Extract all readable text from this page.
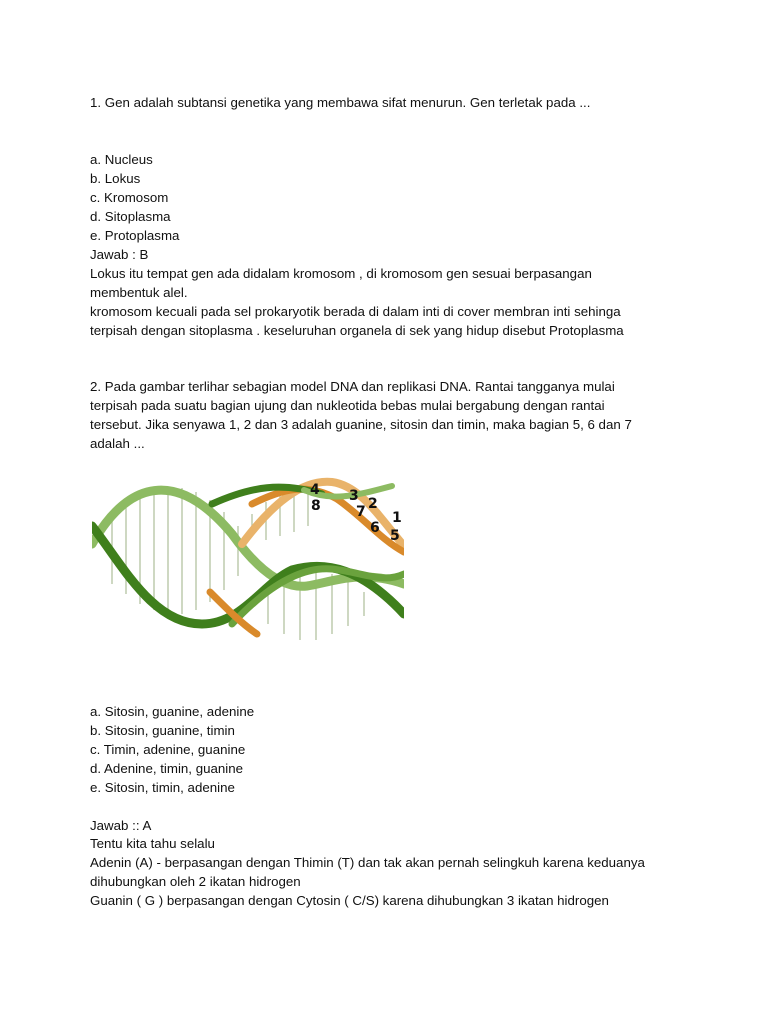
1. Gen adalah subtansi genetika yang membawa sifat menurun. Gen terletak pada ...
a. Nucleus
b. Lokus
c. Kromosom
d. Sitoplasma
e. Protoplasma
Jawab : B
Lokus itu tempat gen ada didalam kromosom , di kromosom gen sesuai berpasangan
membentuk alel.
kromosom kecuali pada sel prokaryotik berada di dalam inti di cover membran inti sehinga
terpisah dengan sitoplasma . keseluruhan organela di sek yang hidup disebut Protoplasma
2. Pada gambar terlihar sebagian model DNA dan replikasi DNA. Rantai tangganya mulai
terpisah pada suatu bagian ujung dan nukleotida bebas mulai bergabung dengan rantai
tersebut. Jika senyawa 1, 2 dan 3 adalah guanine, sitosin dan timin, maka bagian 5, 6 dan 7
adalah ...
a. Sitosin, guanine, adenine
b. Sitosin, guanine, timin
c. Timin, adenine, guanine
d. Adenine, timin, guanine
e. Sitosin, timin, adenine
Jawab :: A
Tentu kita tahu selalu
Adenin (A) - berpasangan dengan Thimin (T) dan tak akan pernah selingkuh karena keduanya
dihubungkan oleh 2 ikatan hidrogen
Guanin ( G ) berpasangan dengan Cytosin ( C/S) karena dihubungkan 3 ikatan hidrogen
4
8
3
7 2
6
1
5
